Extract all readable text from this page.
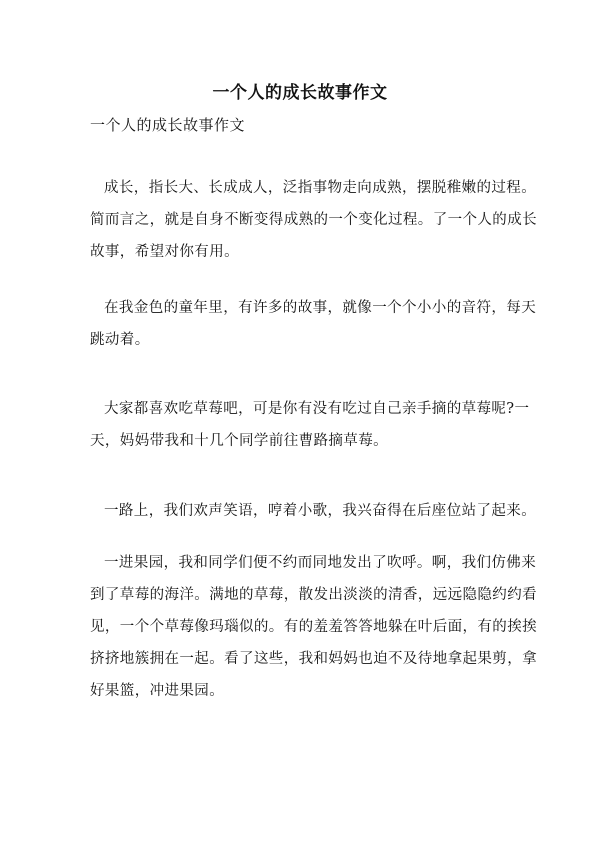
一个人的成长故事作文
一个人的成长故事作文
成长，指长大、长成成人，泛指事物走向成熟，摆脱稚嫩的过程。
简而言之，就是自身不断变得成熟的一个变化过程。了一个人的成长
故事，希望对你有用。
在我金色的童年里，有许多的故事，就像一个个小小的音符，每天
跳动着。
大家都喜欢吃草莓吧，可是你有没有吃过自己亲手摘的草莓呢?一
天，妈妈带我和十几个同学前往曹路摘草莓。
一路上，我们欢声笑语，哼着小歌，我兴奋得在后座位站了起来。
一进果园，我和同学们便不约而同地发出了吹呼。啊，我们仿佛来
到了草莓的海洋。满地的草莓，散发出淡淡的清香，远远隐隐约约看
见，一个个草莓像玛瑙似的。有的羞羞答答地躲在叶后面，有的挨挨
挤挤地簇拥在一起。看了这些，我和妈妈也迫不及待地拿起果剪，拿
好果篮，冲进果园。
